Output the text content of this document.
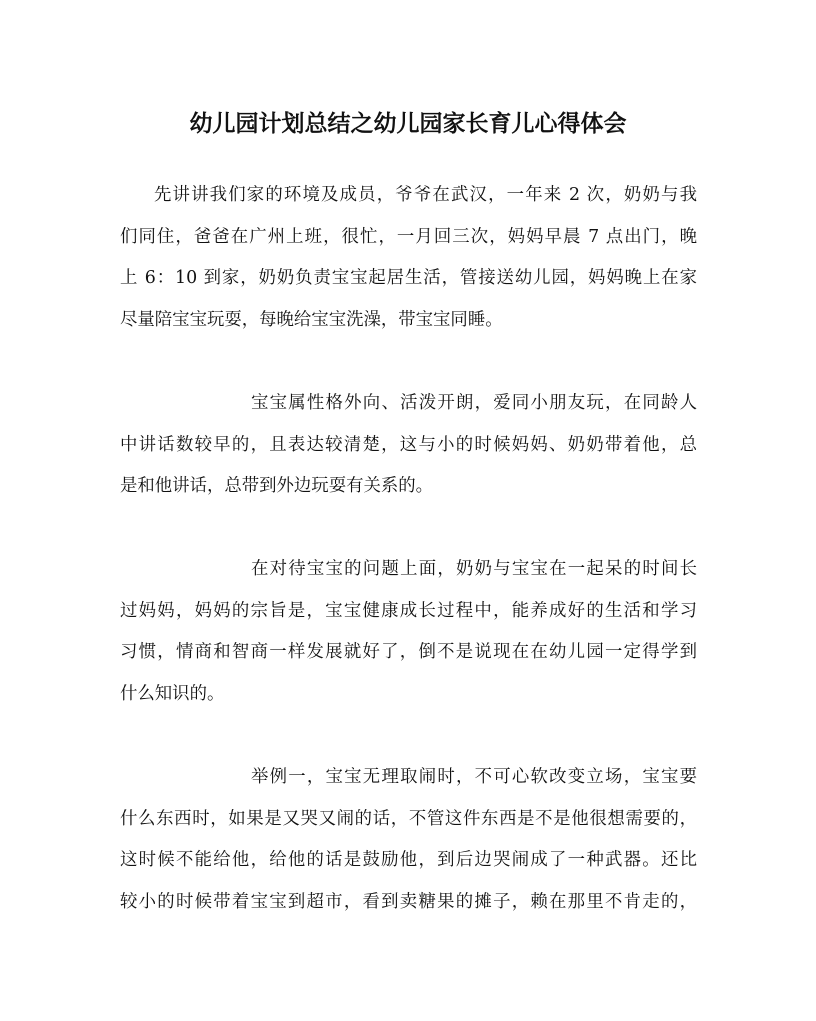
幼儿园计划总结之幼儿园家长育儿心得体会
先讲讲我们家的环境及成员，爷爷在武汉，一年来 2 次，奶奶与我
们同住，爸爸在广州上班，很忙，一月回三次，妈妈早晨 7 点出门，晚
上 6：10 到家，奶奶负责宝宝起居生活，管接送幼儿园，妈妈晚上在家
尽量陪宝宝玩耍，每晚给宝宝洗澡，带宝宝同睡。
宝宝属性格外向、活泼开朗，爱同小朋友玩，在同龄人
中讲话数较早的，且表达较清楚，这与小的时候妈妈、奶奶带着他，总
是和他讲话，总带到外边玩耍有关系的。
在对待宝宝的问题上面，奶奶与宝宝在一起呆的时间长
过妈妈，妈妈的宗旨是，宝宝健康成长过程中，能养成好的生活和学习
习惯，情商和智商一样发展就好了，倒不是说现在在幼儿园一定得学到
什么知识的。
举例一，宝宝无理取闹时，不可心软改变立场，宝宝要
什么东西时，如果是又哭又闹的话，不管这件东西是不是他很想需要的，
这时候不能给他，给他的话是鼓励他，到后边哭闹成了一种武器。还比
较小的时候带着宝宝到超市，看到卖糖果的摊子，赖在那里不肯走的，
